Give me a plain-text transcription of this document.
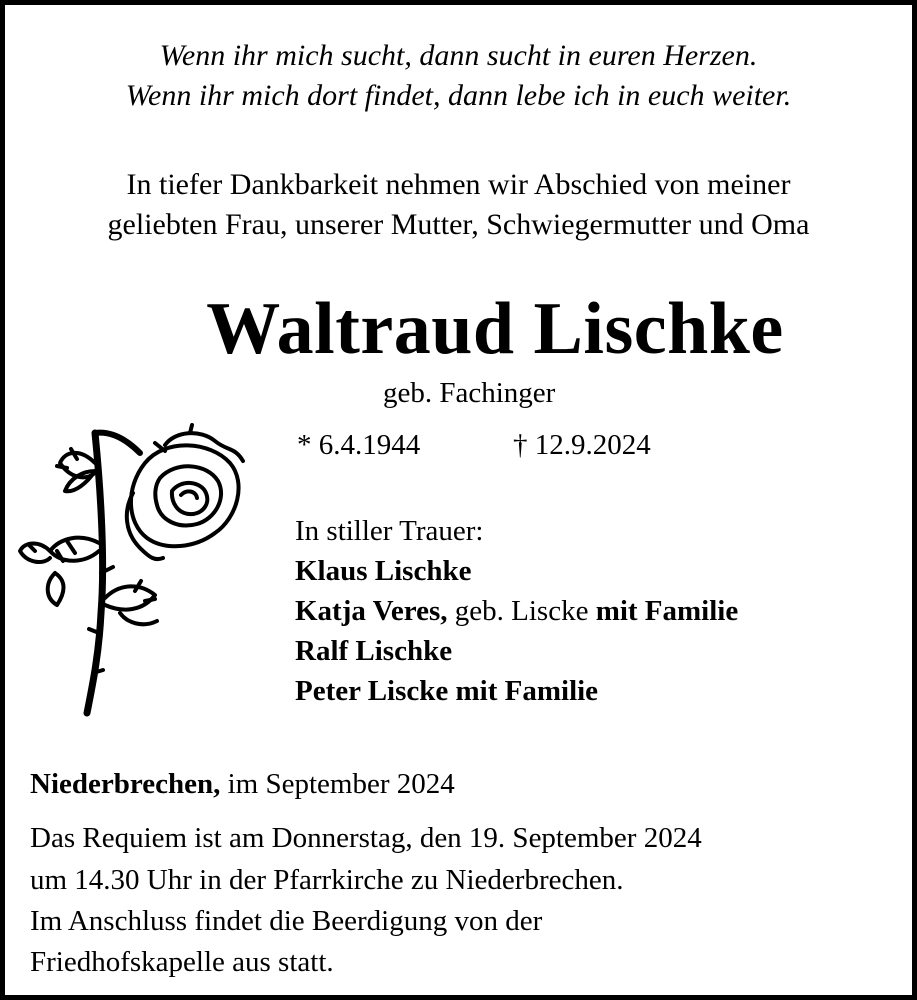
Wenn ihr mich sucht, dann sucht in euren Herzen.
Wenn ihr mich dort findet, dann lebe ich in euch weiter.
In tiefer Dankbarkeit nehmen wir Abschied von meiner
geliebten Frau, unserer Mutter, Schwiegermutter und Oma
Waltraud Lischke
geb. Fachinger
* 6.4.1944	† 12.9.2024
In stiller Trauer:
Klaus Lischke
Katja Veres, geb. Liscke mit Familie
Ralf Lischke
Peter Liscke mit Familie
Niederbrechen, im September 2024
Das Requiem ist am Donnerstag, den 19. September 2024
um 14.30 Uhr in der Pfarrkirche zu Niederbrechen.
Im Anschluss findet die Beerdigung von der
Friedhofskapelle aus statt.
